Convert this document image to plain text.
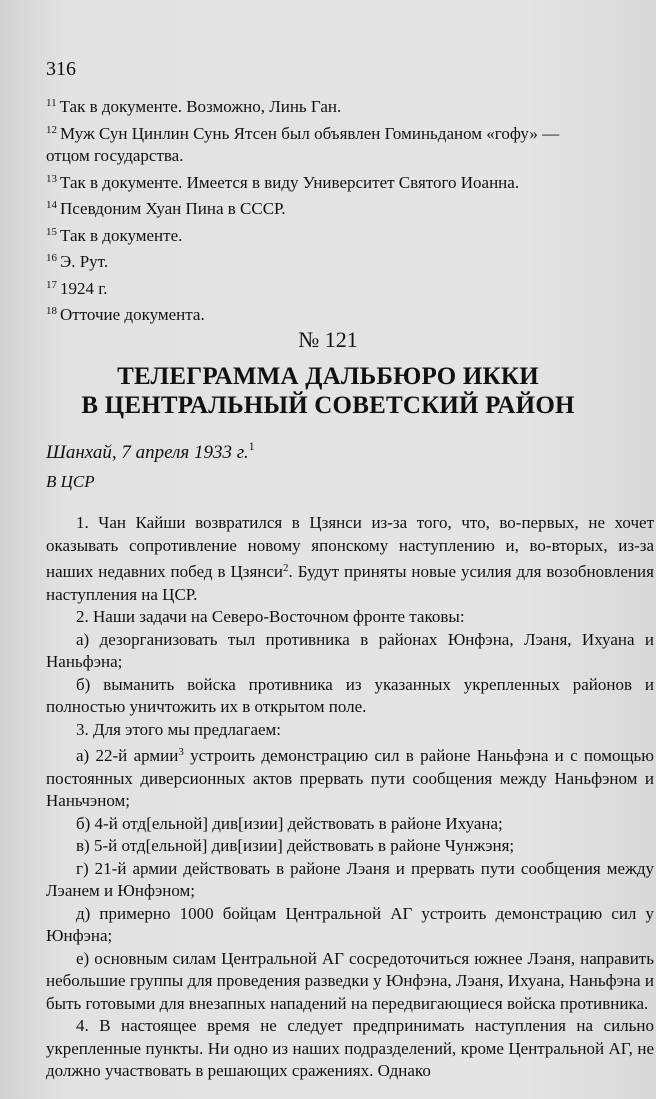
316
$^{11}$ Так в документе. Возможно, Линь Ган.
$^{12}$ Муж Сун Цинлин Сунь Ятсен был объявлен Гоминьданом «гофу» —
отцом государства.
$^{13}$ Так в документе. Имеется в виду Университет Святого Иоанна.
$^{14}$ Псевдоним Хуан Пина в СССР.
$^{15}$ Так в документе.
$^{16}$ Э. Рут.
$^{17}$ 1924 г.
$^{18}$ Отточие документа.
№ 121
ТЕЛЕГРАММА ДАЛЬБЮРО ИККИ
В ЦЕНТРАЛЬНЫЙ СОВЕТСКИЙ РАЙОН
Шанхай, 7 апреля 1933 г.$^1$
В ЦСР

1. Чан Кайши возвратился в Цзянси из-за того, что, во-первых, не хочет оказывать сопротивление новому японскому наступлению и, во-вторых, из-за наших недавних побед в Цзянси$^2$. Будут приняты новые усилия для возобновления наступления на ЦСР.

2. Наши задачи на Северо-Восточном фронте таковы:

а) дезорганизовать тыл противника в районах Юнфэна, Лэаня, Ихуана и Наньфэна;

б) выманить войска противника из указанных укрепленных районов и полностью уничтожить их в открытом поле.

3. Для этого мы предлагаем:

а) 22-й армии$^3$ устроить демонстрацию сил в районе Наньфэна и с помощью постоянных диверсионных актов прервать пути сообщения между Наньфэном и Наньчэном;

б) 4-й отд[ельной] див[изии] действовать в районе Ихуана;

в) 5-й отд[ельной] див[изии] действовать в районе Чунжэня;

г) 21-й армии действовать в районе Лэаня и прервать пути сообщения между Лэанем и Юнфэном;

д) примерно 1000 бойцам Центральной АГ устроить демонстрацию сил у Юнфэна;

е) основным силам Центральной АГ сосредоточиться южнее Лэаня, направить небольшие группы для проведения разведки у Юнфэна, Лэаня, Ихуана, Наньфэна и быть готовыми для внезапных нападений на передвигающиеся войска противника.

4. В настоящее время не следует предпринимать наступления на сильно укрепленные пункты. Ни одно из наших подразделений, кроме Центральной АГ, не должно участвовать в решающих сражениях. Однако
